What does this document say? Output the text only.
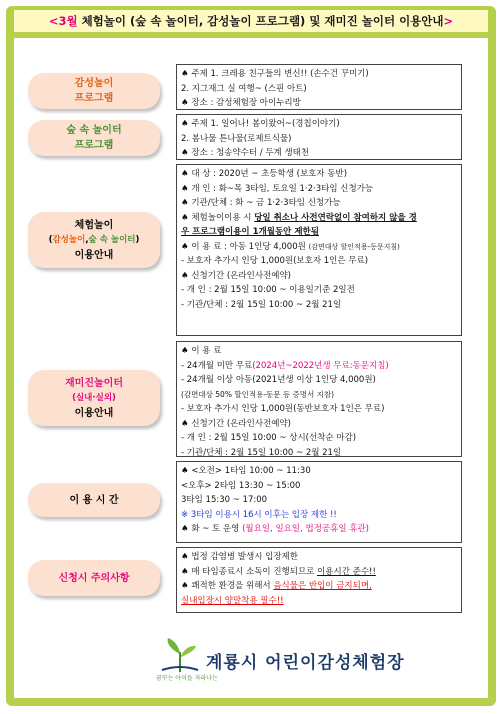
<3월 체험놀이 (숲 속 놀이터, 감성놀이 프로그램) 및 재미진 놀이터 이용안내>
감성놀이
프로그램
♠ 주제 1. 크레용 친구들의 변신!! (손수건 꾸미기)
2. 지그재그 실 여행~ (스핀 아트)
♠ 장소 : 감성체험장 아이누리방
숲 속 놀이터
프로그램
♠ 주제 1. 일어나! 봄이왔어~(경칩이야기)
2. 봄나물 튼나물(로제트식물)
♠ 장소 : 청송약수터 / 두계 생태천
체험놀이
(감성놀이,숲 속 놀이터)
이용안내
♠ 대 상 : 2020년 ~ 초등학생 (보호자 동반)
♠ 개 인 : 화~목 3타임, 토요일 1·2·3타임 신청가능
♠ 기관/단체 : 화 ~ 금 1·2·3타임 신청가능
♠ 체험놀이이용 시 당일 취소나 사전연락없이 참여하지 않을 경
우 프로그램이용이 1개월동안 제한됨
♠ 이 용 료 : 아동 1인당 4,000원 (감면대상 할인적용-동문지침)
- 보호자 추가시 인당 1,000원(보호자 1인은 무료)
♠ 신청기간 (온라인사전예약)
- 개 인 : 2월 15일 10:00 ~ 이용일기준 2일전
- 기관/단체 : 2월 15일 10:00 ~ 2월 21일
재미진놀이터
(실내·실외)
이용안내
♠ 이 용 료
- 24개월 미만 무료(2024년~2022년생 무료:동문지침)
- 24개월 이상 아동(2021년생 이상 1인당 4,000원)
(감면대상 50% 할인적용-동문 등 증명서 지참)
- 보호자 추가시 인당 1,000원(동반보호자 1인은 무료)
♠ 신청기간 (온라인사전예약)
- 개 인 : 2월 15일 10:00 ~ 상시(선착순 마감)
- 기관/단체 : 2월 15일 10:00 ~ 2월 21일
이 용 시 간
♠ <오전> 1타임 10:00 ~ 11:30
<오후> 2타임 13:30 ~ 15:00
3타임 15:30 ~ 17:00
※ 3타임 이용시 16시 이후는 입장 제한 !!
♠ 화 ~ 토 운영 (월요일, 일요일, 법정공휴일 휴관)
신청시 주의사항
♠ 법정 감염병 발생시 입장제한
♠ 매 타임종료시 소독이 진행되므로 이용시간 준수!!
♠ 쾌적한 환경을 위해서 음식물은 반입이 금지되며,
실내입장시 양말착용 필수!!
계룡시 어린이감성체험장
꿈꾸는 아이들 자라나는
